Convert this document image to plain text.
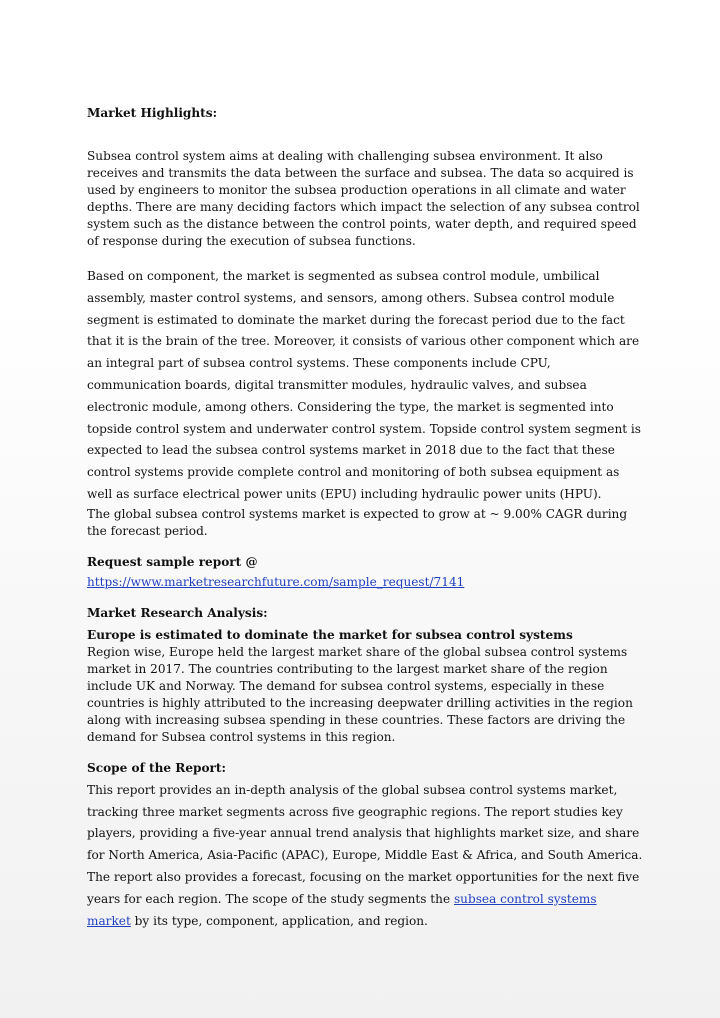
Market Highlights:

Subsea control system aims at dealing with challenging subsea environment. It also receives and transmits the data between the surface and subsea. The data so acquired is used by engineers to monitor the subsea production operations in all climate and water depths. There are many deciding factors which impact the selection of any subsea control system such as the distance between the control points, water depth, and required speed of response during the execution of subsea functions.

Based on component, the market is segmented as subsea control module, umbilical assembly, master control systems, and sensors, among others. Subsea control module segment is estimated to dominate the market during the forecast period due to the fact that it is the brain of the tree. Moreover, it consists of various other component which are an integral part of subsea control systems. These components include CPU, communication boards, digital transmitter modules, hydraulic valves, and subsea electronic module, among others. Considering the type, the market is segmented into topside control system and underwater control system. Topside control system segment is expected to lead the subsea control systems market in 2018 due to the fact that these control systems provide complete control and monitoring of both subsea equipment as well as surface electrical power units (EPU) including hydraulic power units (HPU).

The global subsea control systems market is expected to grow at ~ 9.00% CAGR during the forecast period.

Request sample report @

https://www.marketresearchfuture.com/sample_request/7141

Market Research Analysis:

Europe is estimated to dominate the market for subsea control systems

Region wise, Europe held the largest market share of the global subsea control systems market in 2017. The countries contributing to the largest market share of the region include UK and Norway. The demand for subsea control systems, especially in these countries is highly attributed to the increasing deepwater drilling activities in the region along with increasing subsea spending in these countries. These factors are driving the demand for Subsea control systems in this region.

Scope of the Report:

This report provides an in-depth analysis of the global subsea control systems market, tracking three market segments across five geographic regions. The report studies key players, providing a five-year annual trend analysis that highlights market size, and share for North America, Asia-Pacific (APAC), Europe, Middle East & Africa, and South America. The report also provides a forecast, focusing on the market opportunities for the next five years for each region. The scope of the study segments the subsea control systems market by its type, component, application, and region.
